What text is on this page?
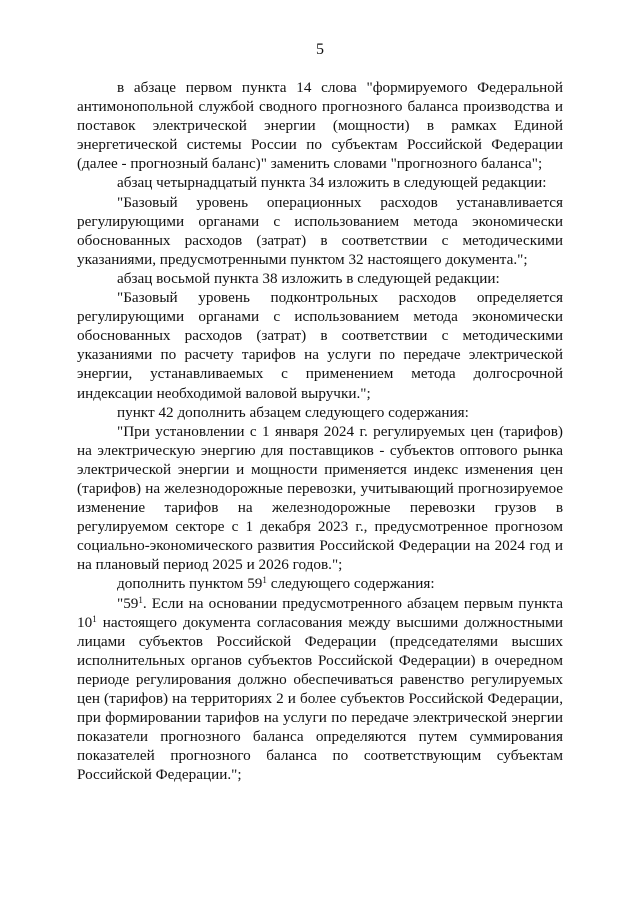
5

в абзаце первом пункта 14 слова "формируемого Федеральной антимонопольной службой сводного прогнозного баланса производства и поставок электрической энергии (мощности) в рамках Единой энергетической системы России по субъектам Российской Федерации (далее - прогнозный баланс)" заменить словами "прогнозного баланса";

абзац четырнадцатый пункта 34 изложить в следующей редакции:

"Базовый уровень операционных расходов устанавливается регулирующими органами с использованием метода экономически обоснованных расходов (затрат) в соответствии с методическими указаниями, предусмотренными пунктом 32 настоящего документа.";

абзац восьмой пункта 38 изложить в следующей редакции:

"Базовый уровень подконтрольных расходов определяется регулирующими органами с использованием метода экономически обоснованных расходов (затрат) в соответствии с методическими указаниями по расчету тарифов на услуги по передаче электрической энергии, устанавливаемых с применением метода долгосрочной индексации необходимой валовой выручки.";

пункт 42 дополнить абзацем следующего содержания:

"При установлении с 1 января 2024 г. регулируемых цен (тарифов) на электрическую энергию для поставщиков - субъектов оптового рынка электрической энергии и мощности применяется индекс изменения цен (тарифов) на железнодорожные перевозки, учитывающий прогнозируемое изменение тарифов на железнодорожные перевозки грузов в регулируемом секторе с 1 декабря 2023 г., предусмотренное прогнозом социально-экономического развития Российской Федерации на 2024 год и на плановый период 2025 и 2026 годов.";

дополнить пунктом $59^1$ следующего содержания:

"$59^1$. Если на основании предусмотренного абзацем первым пункта $10^1$ настоящего документа согласования между высшими должностными лицами субъектов Российской Федерации (председателями высших исполнительных органов субъектов Российской Федерации) в очередном периоде регулирования должно обеспечиваться равенство регулируемых цен (тарифов) на территориях 2 и более субъектов Российской Федерации, при формировании тарифов на услуги по передаче электрической энергии показатели прогнозного баланса определяются путем суммирования показателей прогнозного баланса по соответствующим субъектам Российской Федерации.";
